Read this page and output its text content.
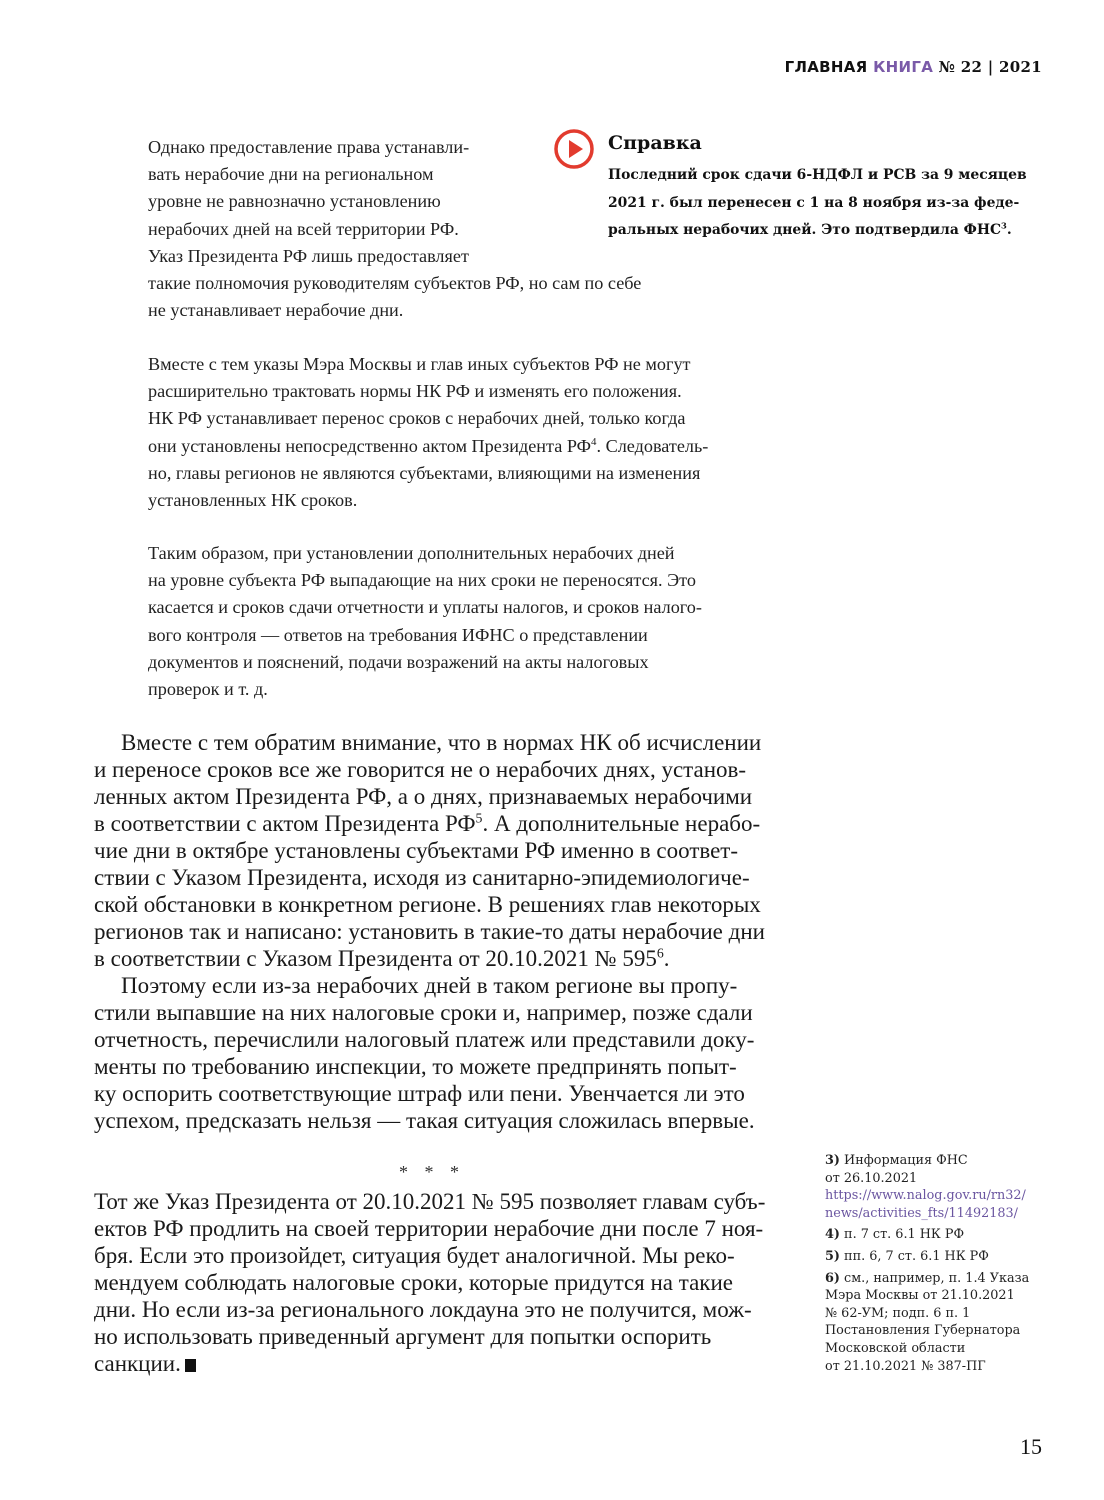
ГЛАВНАЯ КНИГА № 22 | 2021

Однако предоставление права устанавли-

вать нерабочие дни на региональном

уровне не равнозначно установлению

нерабочих дней на всей территории РФ.

Указ Президента РФ лишь предоставляет

такие полномочия руководителям субъектов РФ, но сам по себе

не устанавливает нерабочие дни.

Справка

Последний срок сдачи 6-НДФЛ и РСВ за 9 месяцев

2021 г. был перенесен с 1 на 8 ноября из-за феде-

ральных нерабочих дней. Это подтвердила ФНС$^3$.

Вместе с тем указы Мэра Москвы и глав иных субъектов РФ не могут

расширительно трактовать нормы НК РФ и изменять его положения.

НК РФ устанавливает перенос сроков с нерабочих дней, только когда

они установлены непосредственно актом Президента $РФ^4$. Следователь-

но, главы регионов не являются субъектами, влияющими на изменения

установленных НК сроков.

Таким образом, при установлении дополнительных нерабочих дней

на уровне субъекта РФ выпадающие на них сроки не переносятся. Это

касается и сроков сдачи отчетности и уплаты налогов, и сроков налого-

вого контроля — ответов на требования ИФНС о представлении

документов и пояснений, подачи возражений на акты налоговых

проверок и т. д.

Вместе с тем обратим внимание, что в нормах НК об исчислении

и переносе сроков все же говорится не о нерабочих днях, установ-

ленных актом Президента РФ, а о днях, признаваемых нерабочими

в соответствии с актом Президента $РФ^5$. А дополнительные нерабо-

чие дни в октябре установлены субъектами РФ именно в соответ-

ствии с Указом Президента, исходя из санитарно-эпидемиологиче-

ской обстановки в конкретном регионе. В решениях глав некоторых

регионов так и написано: установить в такие-то даты нерабочие дни

в соответствии с Указом Президента от 20.10.2021 № $595^6$.

Поэтому если из-за нерабочих дней в таком регионе вы пропу-

стили выпавшие на них налоговые сроки и, например, позже сдали

отчетность, перечислили налоговый платеж или представили доку-

менты по требованию инспекции, то можете предпринять попыт-

ку оспорить соответствующие штраф или пени. Увенчается ли это

успехом, предсказать нельзя — такая ситуация сложилась впервые.

* * *

Тот же Указ Президента от 20.10.2021 № 595 позволяет главам субъ-

ектов РФ продлить на своей территории нерабочие дни после 7 ноя-

бря. Если это произойдет, ситуация будет аналогичной. Мы реко-

мендуем соблюдать налоговые сроки, которые придутся на такие

дни. Но если из-за регионального локдауна это не получится, мож-

но использовать приведенный аргумент для попытки оспорить

санкции.

3) Информация ФНС
от 26.10.2021
https://www.nalog.gov.ru/rn32/
news/activities_fts/11492183/
4) п. 7 ст. 6.1 НК РФ
5) пп. 6, 7 ст. 6.1 НК РФ
6) см., например, п. 1.4 Указа
Мэра Москвы от 21.10.2021
№ 62-УМ; подп. 6 п. 1
Постановления Губернатора
Московской области
от 21.10.2021 № 387-ПГ
15
